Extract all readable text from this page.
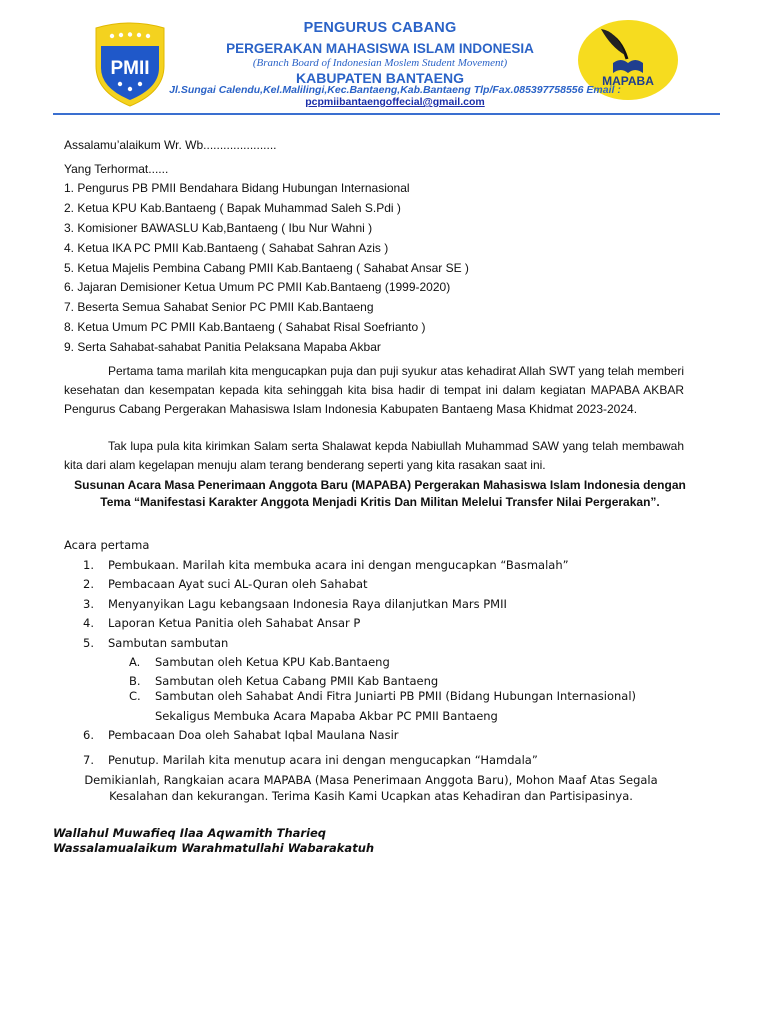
PMII
MAPABA
PENGURUS CABANG
PERGERAKAN MAHASISWA ISLAM INDONESIA
(Branch Board of Indonesian Moslem Student Movement)
KABUPATEN BANTAENG
Jl.Sungai Calendu,Kel.Malilingi,Kec.Bantaeng,Kab.Bantaeng Tlp/Fax.085397758556 Email :
pcpmiibantaengoffecial@gmail.com
Assalamu’alaikum Wr. Wb......................
Yang Terhormat......
1. Pengurus PB PMII Bendahara Bidang Hubungan Internasional
2. Ketua KPU Kab.Bantaeng ( Bapak Muhammad Saleh S.Pdi )
3. Komisioner BAWASLU Kab,Bantaeng ( Ibu Nur Wahni )
4. Ketua IKA PC PMII Kab.Bantaeng ( Sahabat Sahran Azis )
5. Ketua Majelis Pembina Cabang PMII Kab.Bantaeng ( Sahabat Ansar SE )
6. Jajaran Demisioner Ketua Umum PC PMII Kab.Bantaeng (1999-2020)
7. Beserta Semua Sahabat Senior PC PMII Kab.Bantaeng
8. Ketua Umum PC PMII Kab.Bantaeng ( Sahabat Risal Soefrianto )
9. Serta Sahabat-sahabat Panitia Pelaksana Mapaba Akbar

Pertama tama marilah kita mengucapkan puja dan puji syukur atas kehadirat Allah SWT yang telah memberi kesehatan dan kesempatan kepada kita sehinggah kita bisa hadir di tempat ini dalam kegiatan MAPABA AKBAR Pengurus Cabang Pergerakan Mahasiswa Islam Indonesia Kabupaten Bantaeng Masa Khidmat 2023-2024.

Tak lupa pula kita kirimkan Salam serta Shalawat kepda Nabiullah Muhammad SAW yang telah membawah kita dari alam kegelapan menuju alam terang benderang seperti yang kita rasakan saat ini.

Susunan Acara Masa Penerimaan Anggota Baru (MAPABA) Pergerakan Mahasiswa Islam Indonesia dengan Tema “Manifestasi Karakter Anggota Menjadi Kritis Dan Militan Melelui Transfer Nilai Pergerakan”.

Acara pertama
1. Pembukaan. Marilah kita membuka acara ini dengan mengucapkan “Basmalah”
2. Pembacaan Ayat suci AL-Quran oleh Sahabat
3. Menyanyikan Lagu kebangsaan Indonesia Raya dilanjutkan Mars PMII
4. Laporan Ketua Panitia oleh Sahabat Ansar P
5. Sambutan sambutan
A. Sambutan oleh Ketua KPU Kab.Bantaeng
B. Sambutan oleh Ketua Cabang PMII Kab Bantaeng
C. Sambutan oleh Sahabat Andi Fitra Juniarti PB PMII (Bidang Hubungan Internasional)
Sekaligus Membuka Acara Mapaba Akbar PC PMII Bantaeng
6. Pembacaan Doa oleh Sahabat Iqbal Maulana Nasir
7. Penutup. Marilah kita menutup acara ini dengan mengucapkan “Hamdala”

Demikianlah, Rangkaian acara MAPABA (Masa Penerimaan Anggota Baru), Mohon Maaf Atas Segala Kesalahan dan kekurangan. Terima Kasih Kami Ucapkan atas Kehadiran dan Partisipasinya.

Wallahul Muwafieq Ilaa Aqwamith Tharieq
Wassalamualaikum Warahmatullahi Wabarakatuh
